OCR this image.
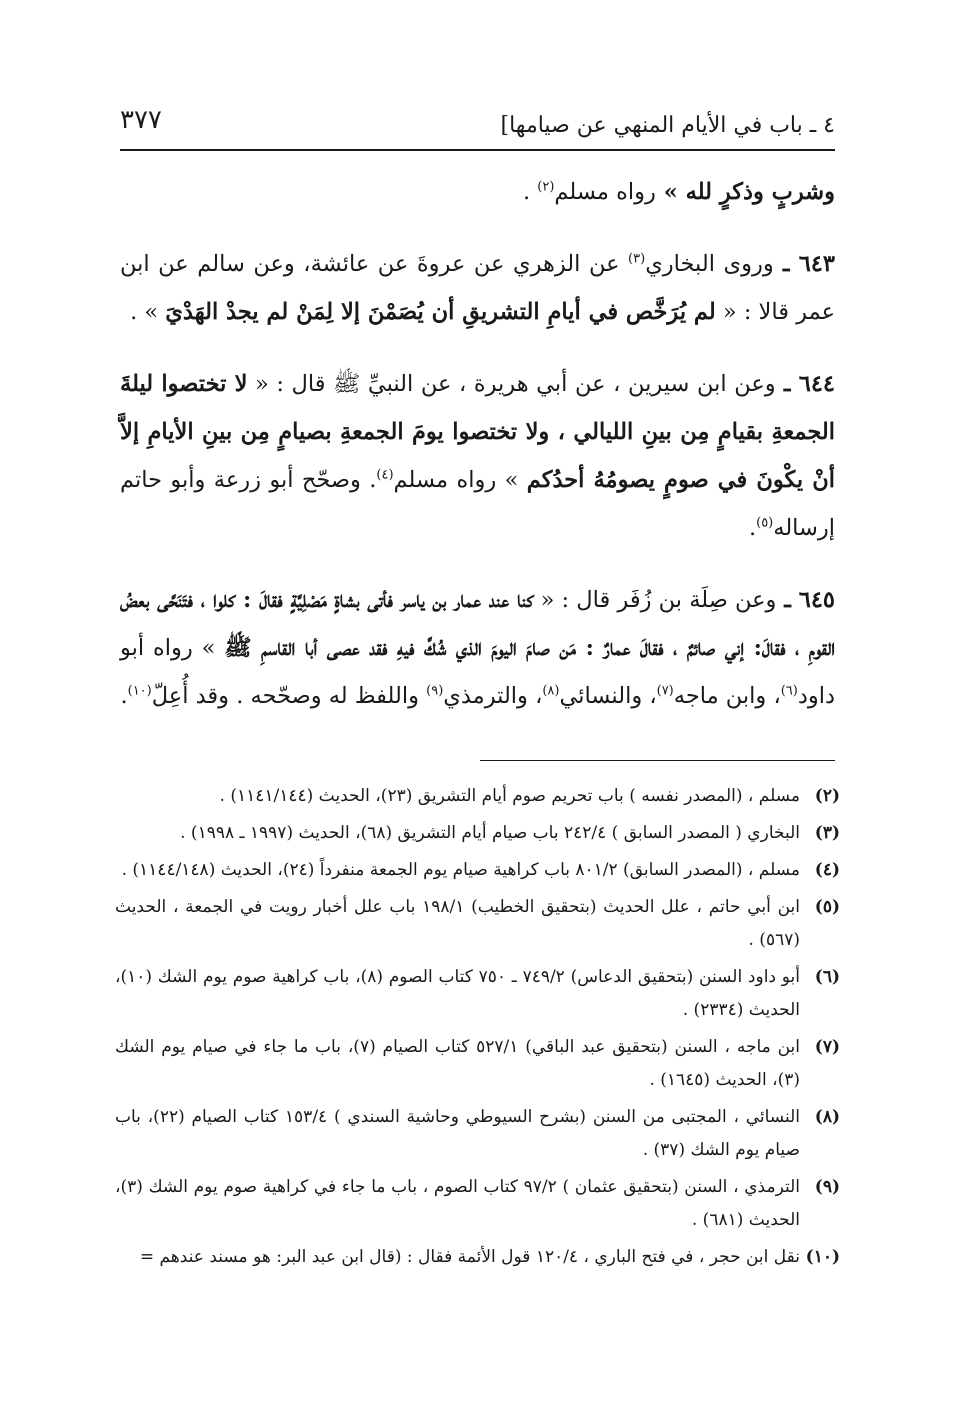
٣٧٧	٤ ـ باب في الأيام المنهي عن صيامها]

وشربٍ وذكرٍ لله » رواه مسلم$^{(٢)}$ .

٦٤٣ ـ وروى البخاري$^{(٣)}$ عن الزهري عن عروةَ عن عائشة، وعن سالم عن ابن عمر قالا : « لم يُرَخَّص في أيامِ التشريقِ أن يُصَمْنَ إلا لِمَنْ لم يجدْ الهَدْيَ » .

٦٤٤ ـ وعن ابن سيرين ، عن أبي هريرة ، عن النبيِّ ﷺ قال : « لا تختصوا ليلةَ الجمعةِ بقيامٍ مِن بينِ الليالي ، ولا تختصوا يومَ الجمعةِ بصيامٍ مِن بينِ الأيامِ إلاَّ أنْ يكْونَ في صومٍ يصومُهُ أحدُكم » رواه مسلم$^{(٤)}$. وصحّح أبو زرعة وأبو حاتم إرساله$^{(٥)}$.

٦٤٥ ـ وعن صِلَة بن زُفَر قال : « كنا عند عمار بن ياسر فأتى بشاةٍ مَصْلِيَّةٍ فقالَ : كلوا ، فتَنَحَّى بعضُ القومِ ، فقالَ: إني صائمٌ ، فقالَ عمارٌ : مَن صامَ اليومَ الذي شُكَّ فيهِ فقد عصى أبا القاسمِ ﷺ » رواه أبو داود$^{(٦)}$، وابن ماجه$^{(٧)}$، والنسائي$^{(٨)}$، والترمذي$^{(٩)}$ واللفظ له وصحّحه . وقد أُعِلّ$^{(١٠)}$.

(٢)
مسلم ، (المصدر نفسه ) باب تحريم صوم أيام التشريق (٢٣)، الحديث (١١٤١/١٤٤) .
(٣)
البخاري ( المصدر السابق ) ٢٤٢/٤ باب صيام أيام التشريق (٦٨)، الحديث (١٩٩٧ ـ ١٩٩٨) .
(٤)
مسلم ، (المصدر السابق) ٨٠١/٢ باب كراهية صيام يوم الجمعة منفرداً (٢٤)، الحديث (١١٤٤/١٤٨) .
(٥)
ابن أبي حاتم ، علل الحديث (بتحقيق الخطيب) ١٩٨/١ باب علل أخبار رويت في الجمعة ، الحديث (٥٦٧) .
(٦)
أبو داود السنن (بتحقيق الدعاس) ٧٤٩/٢ ـ ٧٥٠ كتاب الصوم (٨)، باب كراهية صوم يوم الشك (١٠)، الحديث (٢٣٣٤) .
(٧)
ابن ماجه ، السنن (بتحقيق عبد الباقي) ٥٢٧/١ كتاب الصيام (٧)، باب ما جاء في صيام يوم الشك (٣)، الحديث (١٦٤٥) .
(٨)
النسائي ، المجتبى من السنن (بشرح السيوطي وحاشية السندي ) ١٥٣/٤ كتاب الصيام (٢٢)، باب صيام يوم الشك (٣٧) .
(٩)
الترمذي ، السنن (بتحقيق عثمان ) ٩٧/٢ كتاب الصوم ، باب ما جاء في كراهية صوم يوم الشك (٣)، الحديث (٦٨١) .
(١٠)
نقل ابن حجر ، في فتح الباري ، ١٢٠/٤ قول الأئمة فقال : (قال ابن عبد البر: هو مسند عندهم =
